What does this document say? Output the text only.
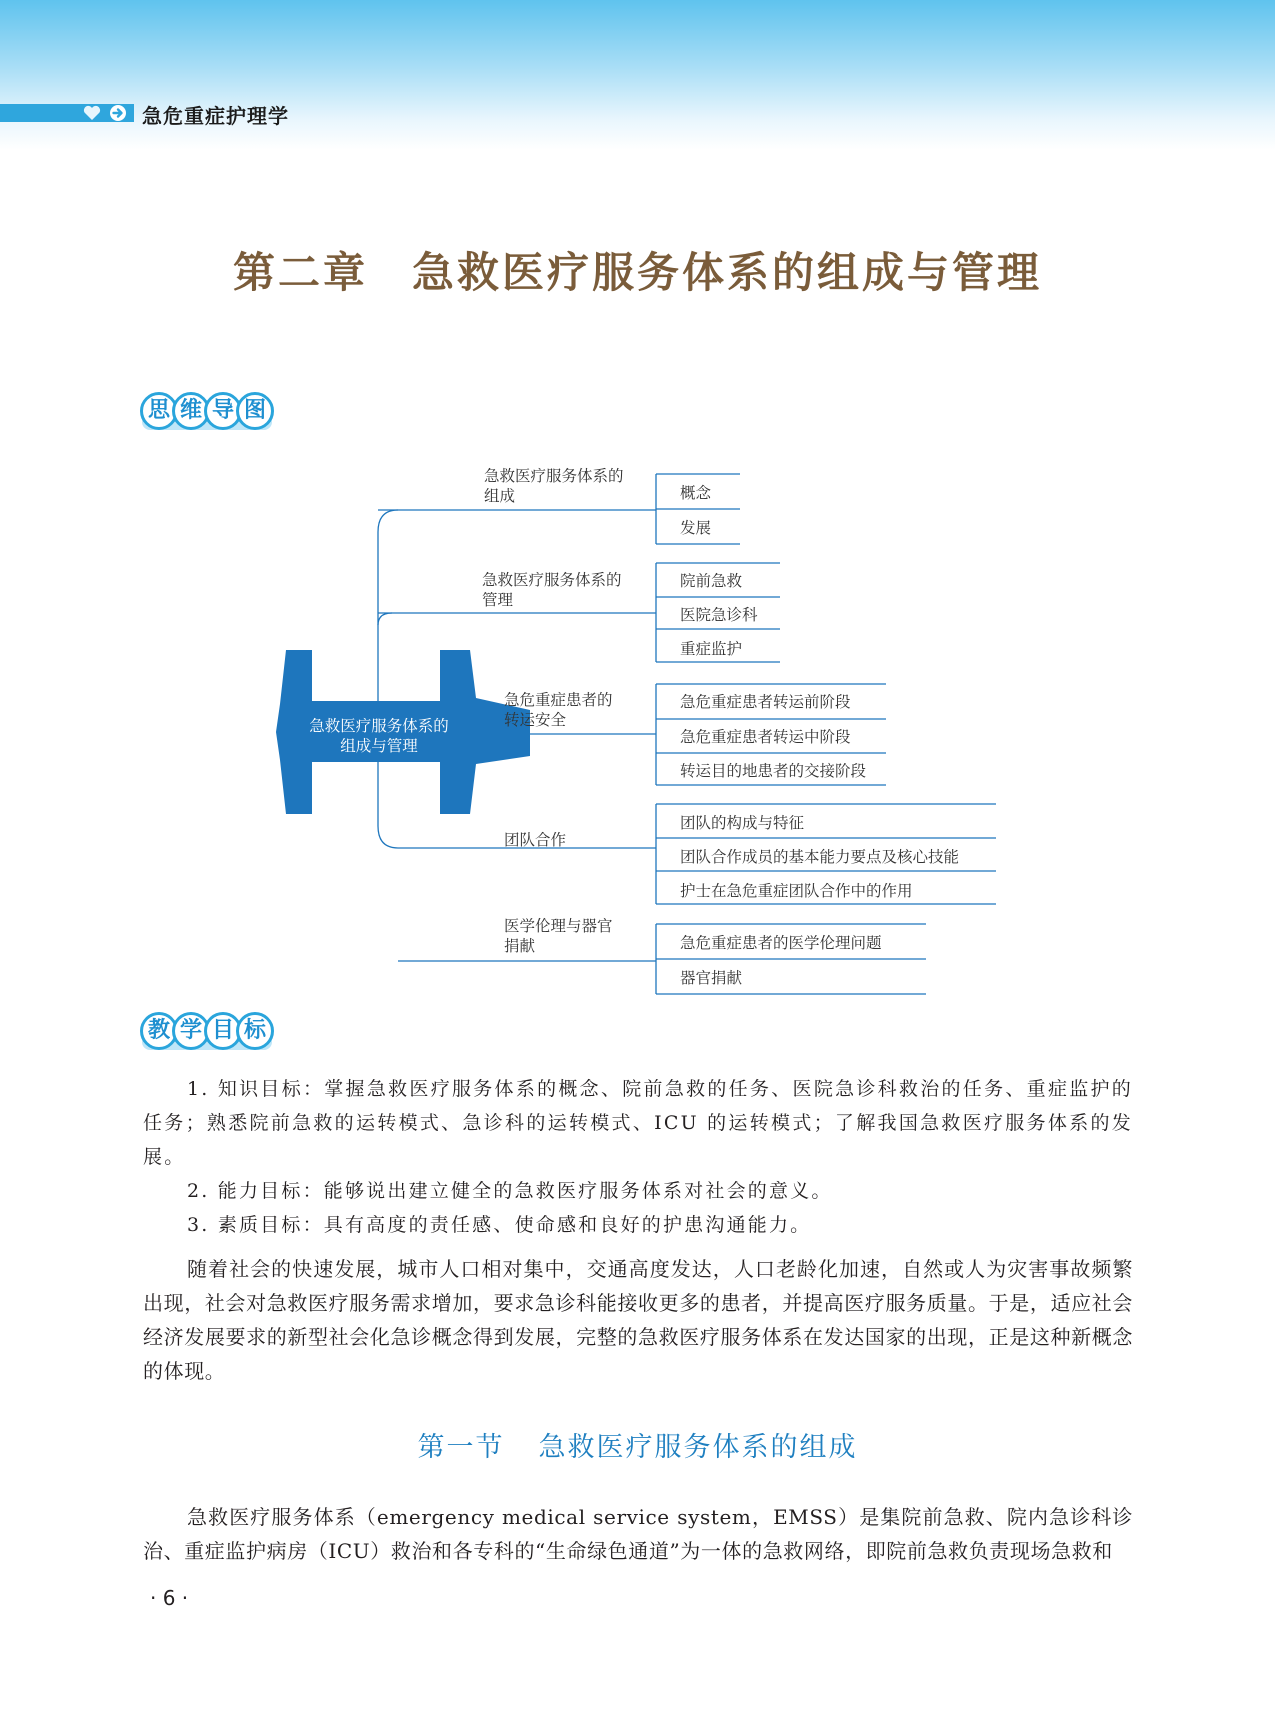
急危重症护理学
第二章 急救医疗服务体系的组成与管理
思 维 导 图
急救医疗服务体系的
组成与管理
急救医疗服务体系的
组成
急救医疗服务体系的
管理
急危重症患者的
转运安全
团队合作
医学伦理与器官
捐献
概念
发展
院前急救
医院急诊科
重症监护
急危重症患者转运前阶段
急危重症患者转运中阶段
转运目的地患者的交接阶段
团队的构成与特征
团队合作成员的基本能力要点及核心技能
护士在急危重症团队合作中的作用
急危重症患者的医学伦理问题
器官捐献
教 学 目 标

1. 知识目标：掌握急救医疗服务体系的概念、院前急救的任务、医院急诊科救治的任务、重症监护的任务；熟悉院前急救的运转模式、急诊科的运转模式、ICU 的运转模式；了解我国急救医疗服务体系的发展。

2. 能力目标：能够说出建立健全的急救医疗服务体系对社会的意义。

3. 素质目标：具有高度的责任感、使命感和良好的护患沟通能力。

随着社会的快速发展，城市人口相对集中，交通高度发达，人口老龄化加速，自然或人为灾害事故频繁出现，社会对急救医疗服务需求增加，要求急诊科能接收更多的患者，并提高医疗服务质量。于是，适应社会经济发展要求的新型社会化急诊概念得到发展，完整的急救医疗服务体系在发达国家的出现，正是这种新概念的体现。

第一节 急救医疗服务体系的组成

急救医疗服务体系（emergency medical service system，EMSS）是集院前急救、院内急诊科诊治、重症监护病房（ICU）救治和各专科的“生命绿色通道”为一体的急救网络，即院前急救负责现场急救和

· 6 ·
